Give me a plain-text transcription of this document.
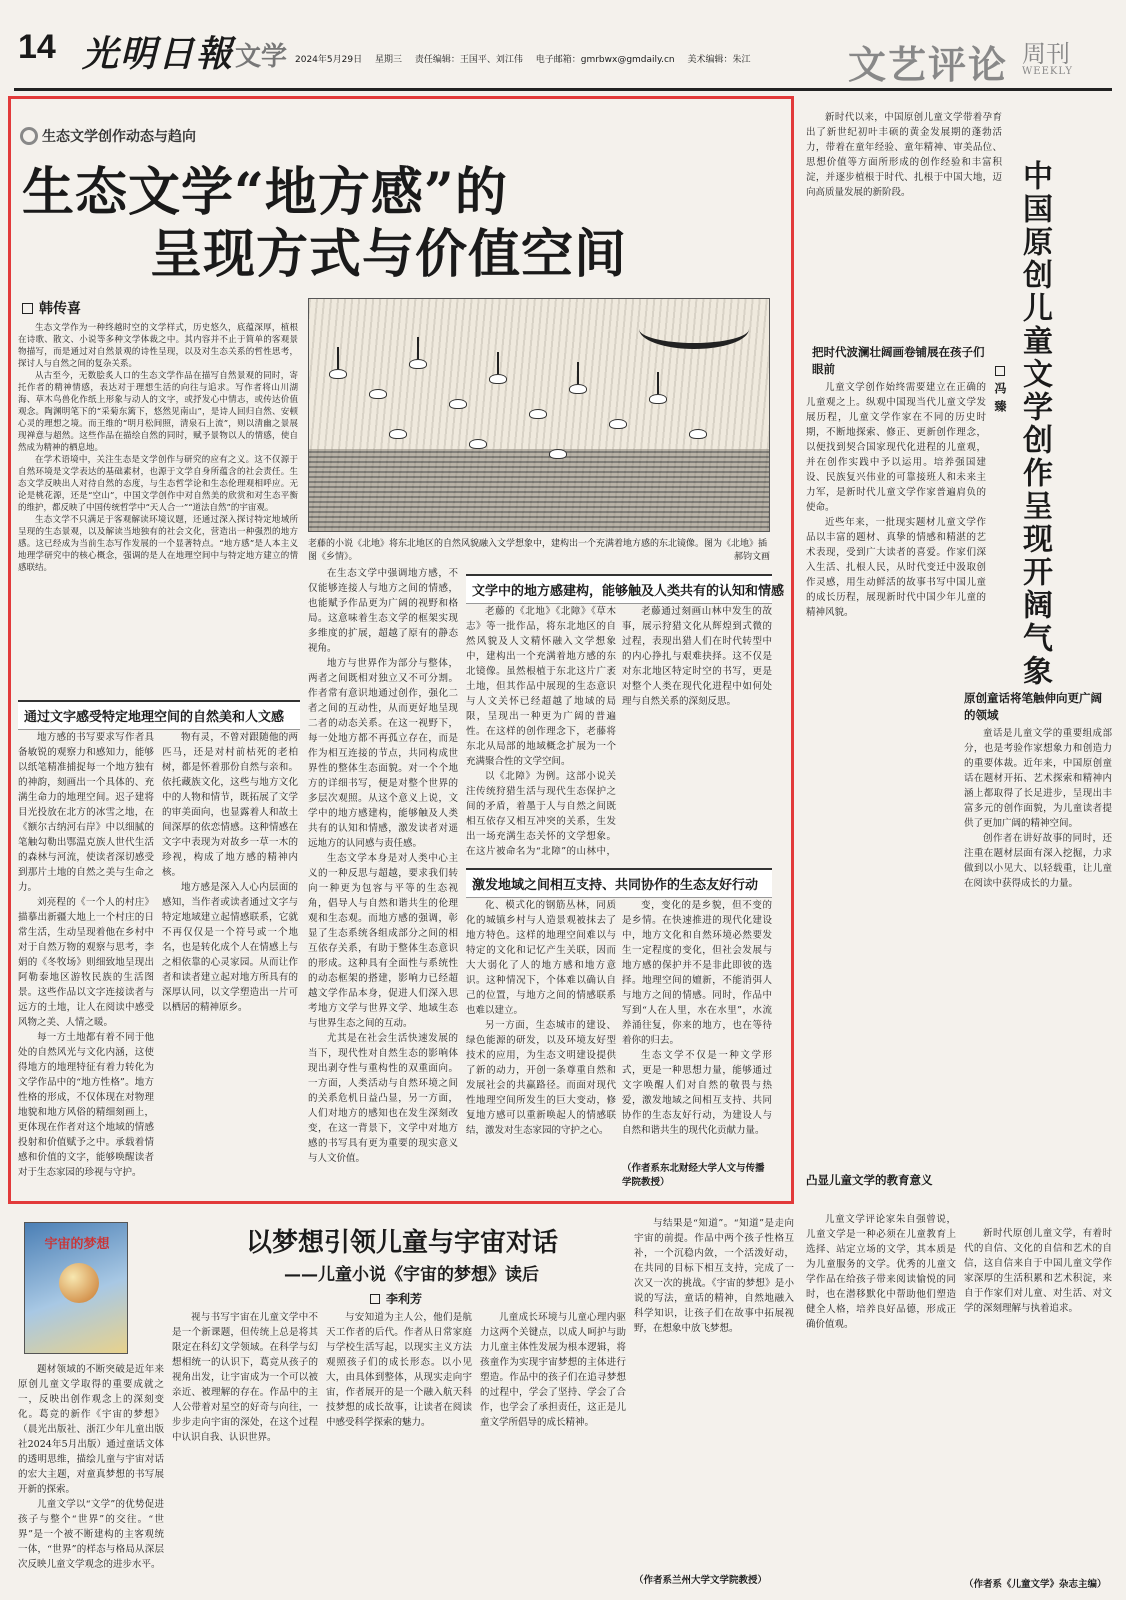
14 光明日報 文学 2024年5月29日 星期三 责任编辑：王国平、刘江伟 电子邮箱：gmrbwx@gmdaily.cn 美术编辑：朱江	文艺评论 周刊
WEEKLY
生态文学创作动态与趋向
生态文学“地方感”的
呈现方式与价值空间
韩传喜

生态文学作为一种终越时空的文学样式，历史悠久，底蕴深厚，植根在诗歌、散文、小说等多种文学体裁之中。其内容并不止于简单的客观景物描写，而是通过对自然景观的诗性呈现，以及对生态关系的哲性思考，探讨人与自然之间的复杂关系。

从古至今，无数脍炙人口的生态文学作品在描写自然景观的同时，寄托作者的精神情感，表达对于理想生活的向往与追求。写作者将山川湖海、草木鸟兽化作纸上形象与动人的文字，或抒发心中情志，或传达价值观念。陶渊明笔下的“采菊东篱下，悠然见南山”，是诗人回归自然、安顿心灵的理想之境。而王维的“明月松间照，清泉石上流”，则以清幽之景展现禅意与超然。这些作品在描绘自然的同时，赋予景物以人的情感，使自然成为精神的栖息地。

在学术语境中，关注生态是文学创作与研究的应有之义。这不仅源于自然环境是文学表达的基础素材，也源于文学自身所蕴含的社会责任。生态文学反映出人对待自然的态度，与生态哲学论和生态伦理观相呼应。无论是桃花源，还是“空山”，中国文学创作中对自然美的欣赏和对生态平衡的维护，都反映了中国传统哲学中“天人合一”“道法自然”的宇宙观。

生态文学不只满足于客观解读环境议题，还通过深入探讨特定地域所呈现的生态景观，以及解读当地独有的社会文化，营造出一种强烈的地方感。这已经成为当前生态写作发展的一个显著特点。“地方感”是人本主义地理学研究中的核心概念，强调的是人在地理空间中与特定地方建立的情感联结。

老藤的小说《北地》将东北地区的自然风貌融入文学想象中，建构出一个充满着地方感的东北镜像。图为《北地》插图《乡情》。	郝钧文画
通过文字感受特定地理空间的自然美和人文感

地方感的书写要求写作者具备敏锐的观察力和感知力，能够以纸笔精准捕捉每一个地方独有的神韵，刻画出一个具体的、充满生命力的地理空间。迟子建将目光投放在北方的冰雪之地，在《额尔古纳河右岸》中以细腻的笔触勾勒出鄂温克族人世代生活的森林与河流，使读者深切感受到那片土地的自然之美与生命之力。

刘亮程的《一个人的村庄》描摹出新疆大地上一个村庄的日常生活，生动呈现着他在乡村中对于自然万物的观察与思考，李娟的《冬牧场》则细致地呈现出阿勒泰地区游牧民族的生活图景。这些作品以文字连接读者与远方的土地，让人在阅读中感受风物之美、人情之暖。

每一方土地都有着不同于他处的自然风光与文化内涵，这使得地方的地理特征有着力转化为文学作品中的“地方性格”。地方性格的形成，不仅体现在对物理地貌和地方风俗的精细刻画上，更体现在作者对这个地域的情感投射和价值赋予之中。承载着情感和价值的文字，能够唤醒读者对于生态家园的珍视与守护。

物有灵，不曾对跟随他的两匹马，还是对村前枯死的老柏树，都是怀着那份自然与亲和。依托藏族文化，这些与地方文化中的人物和情节，既拓展了文学的审美面向，也显露着人和故土间深厚的依恋情感。这种情感在文字中表现为对故乡一草一木的珍视，构成了地方感的精神内核。

地方感是深入人心内层面的感知，当作者或读者通过文字与特定地域建立起情感联系，它就不再仅仅是一个符号或一个地名，也是转化成个人在情感上与之相依靠的心灵家园。从而让作者和读者建立起对地方所具有的深厚认同，以文学塑造出一片可以栖居的精神原乡。

在生态文学中强调地方感，不仅能够连接人与地方之间的情感，也能赋予作品更为广阔的视野和格局。这意味着生态文学的框架实现多维度的扩展，超越了原有的静态视角。

地方与世界作为部分与整体，两者之间既相对独立又不可分割。作者常有意识地通过创作，强化二者之间的互动性，从而更好地呈现二者的动态关系。在这一视野下，每一处地方都不再孤立存在，而是作为相互连接的节点，共同构成世界性的整体生态面貌。对一个个地方的详细书写，便是对整个世界的多层次观照。从这个意义上说，文学中的地方感建构，能够触及人类共有的认知和情感，激发读者对遥远地方的认同感与责任感。

生态文学本身是对人类中心主义的一种反思与超越，要求我们转向一种更为包容与平等的生态视角，倡导人与自然和谐共生的伦理观和生态观。而地方感的强调，彰显了生态系统各组成部分之间的相互依存关系，有助于整体生态意识的形成。这种具有全面性与系统性的动态框架的搭建，影响力已经超越文学作品本身，促进人们深入思考地方文学与世界文学、地域生态与世界生态之间的互动。

尤其是在社会生活快速发展的当下，现代性对自然生态的影响体现出剥夺性与重构性的双重面向。一方面，人类活动与自然环境之间的关系危机日益凸显，另一方面，人们对地方的感知也在发生深刻改变，在这一背景下，文学中对地方感的书写具有更为重要的现实意义与人文价值。

文学中的地方感建构，能够触及人类共有的认知和情感

老藤的《北地》《北障》《草木志》等一批作品，将东北地区的自然风貌及人文精怀融入文学想象中，建构出一个充满着地方感的东北镜像。虽然根植于东北这片广袤土地，但其作品中展现的生态意识与人文关怀已经超越了地域的局限，呈现出一种更为广阔的普遍性。在这样的创作理念下，老藤将东北从局部的地域概念扩展为一个充满聚合性的文学空间。

以《北障》为例。这部小说关注传统狩猎生活与现代生态保护之间的矛盾，着墨于人与自然之间既相互依存又相互冲突的关系，生发出一场充满生态关怀的文学想象。在这片被命名为“北障”的山林中，

老藤通过刻画山林中发生的故事，展示狩猎文化从辉煌到式微的过程，表现出猎人们在时代转型中的内心挣扎与艰难抉择。这不仅是对东北地区特定时空的书写，更是对整个人类在现代化进程中如何处理与自然关系的深刻反思。

激发地域之间相互支持、共同协作的生态友好行动

化、模式化的钢筋丛林，同质化的城镇乡村与人造景观被抹去了地方特色。这样的地理空间难以与特定的文化和记忆产生关联，因而大大弱化了人的地方感和地方意识。这种情况下，个体难以确认自己的位置，与地方之间的情感联系也难以建立。

另一方面，生态城市的建设、绿色能源的研发，以及环境友好型技术的应用，为生态文明建设提供了新的动力，开创一条尊重自然和发展社会的共赢路径。而面对现代性地理空间所发生的巨大变动，修复地方感可以重新唤起人的情感联结，激发对生态家园的守护之心。

变，变化的是乡貌，但不变的是乡情。在快速推进的现代化建设中，地方文化和自然环境必然要发生一定程度的变化，但社会发展与地方感的保护并不是非此即彼的选择。地理空间的嬗新，不能消弭人与地方之间的情感。同时，作品中写到“人在人里，水在水里”，水流养涌往复，你来的地方，也在等待着你的归去。

生态文学不仅是一种文学形式，更是一种思想力量，能够通过文字唤醒人们对自然的敬畏与热爱，激发地域之间相互支持、共同协作的生态友好行动，为建设人与自然和谐共生的现代化贡献力量。

（作者系东北财经大学人文与传播学院教授）

新时代以来，中国原创儿童文学带着孕育出了新世纪初叶丰硕的黄金发展期的蓬勃活力，带着在童年经验、童年精神、审美品位、思想价值等方面所形成的创作经验和丰富积淀，并逐步植根于时代、扎根于中国大地，迈向高质量发展的新阶段。	中国原创儿童文学创作呈现开阔气象
冯臻
把时代波澜壮阔画卷铺展在孩子们眼前

儿童文学创作始终需要建立在正确的儿童观之上。纵观中国现当代儿童文学发展历程，儿童文学作家在不同的历史时期，不断地探索、修正、更新创作理念，以便找到契合国家现代化进程的儿童观，并在创作实践中予以运用。培养强国建设、民族复兴伟业的可靠接班人和未来主力军，是新时代儿童文学作家普遍肩负的使命。

近些年来，一批现实题材儿童文学作品以丰富的题材、真挚的情感和精湛的艺术表现，受到广大读者的喜爱。作家们深入生活、扎根人民，从时代变迁中汲取创作灵感，用生动鲜活的故事书写中国儿童的成长历程，展现新时代中国少年儿童的精神风貌。

原创童话将笔触伸向更广阔的领域

童话是儿童文学的重要组成部分，也是考验作家想象力和创造力的重要体裁。近年来，中国原创童话在题材开拓、艺术探索和精神内涵上都取得了长足进步，呈现出丰富多元的创作面貌，为儿童读者提供了更加广阔的精神空间。

创作者在讲好故事的同时，还注重在题材层面有深入挖掘，力求做到以小见大、以轻载重，让儿童在阅读中获得成长的力量。

凸显儿童文学的教育意义

儿童文学评论家朱自强曾说，儿童文学是一种必须在儿童教育上选择、站定立场的文学，其本质是为儿童服务的文学。优秀的儿童文学作品在给孩子带来阅读愉悦的同时，也在潜移默化中帮助他们塑造健全人格，培养良好品德，形成正确价值观。

新时代原创儿童文学，有着时代的自信、文化的自信和艺术的自信，这自信来自于中国儿童文学作家深厚的生活积累和艺术积淀，来自于作家们对儿童、对生活、对文学的深刻理解与执着追求。

（作者系《儿童文学》杂志主编）
宇宙的梦想	以梦想引领儿童与宇宙对话
——儿童小说《宇宙的梦想》读后
李利芳

题材领域的不断突破是近年来原创儿童文学取得的重要成就之一，反映出创作观念上的深刻变化。葛竞的新作《宇宙的梦想》（晨光出版社、浙江少年儿童出版社2024年5月出版）通过童话文体的透明思维，描绘儿童与宇宙对话的宏大主题，对童真梦想的书写展开新的探索。

儿童文学以“文学”的优势促进孩子与整个“世界”的交往。“世界”是一个被不断建构的主客观统一体，“世界”的样态与格局从深层次反映儿童文学观念的进步水平。

视与书写宇宙在儿童文学中不是一个新课题，但传统上总是将其限定在科幻文学领域。在科学与幻想相统一的认识下，葛竞从孩子的视角出发，让宇宙成为一个可以被亲近、被理解的存在。作品中的主人公带着对星空的好奇与向往，一步步走向宇宙的深处，在这个过程中认识自我、认识世界。

与安知道为主人公，他们是航天工作者的后代。作者从日常家庭与学校生活写起，以现实主义方法观照孩子们的成长形态。以小见大，由具体到整体，从现实走向宇宙，作者展开的是一个融入航天科技梦想的成长故事，让读者在阅读中感受科学探索的魅力。

儿童成长环境与儿童心理内驱力这两个关键点，以成人呵护与助力儿童主体性发展为根本逻辑，将孩童作为实现宇宙梦想的主体进行塑造。作品中的孩子们在追寻梦想的过程中，学会了坚持、学会了合作，也学会了承担责任，这正是儿童文学所倡导的成长精神。

与结果是“知道”。“知道”是走向宇宙的前提。作品中两个孩子性格互补，一个沉稳内敛，一个活泼好动，在共同的目标下相互支持，完成了一次又一次的挑战。《宇宙的梦想》是小说的写法，童话的精神，自然地融入科学知识，让孩子们在故事中拓展视野，在想象中放飞梦想。

（作者系兰州大学文学院教授）
